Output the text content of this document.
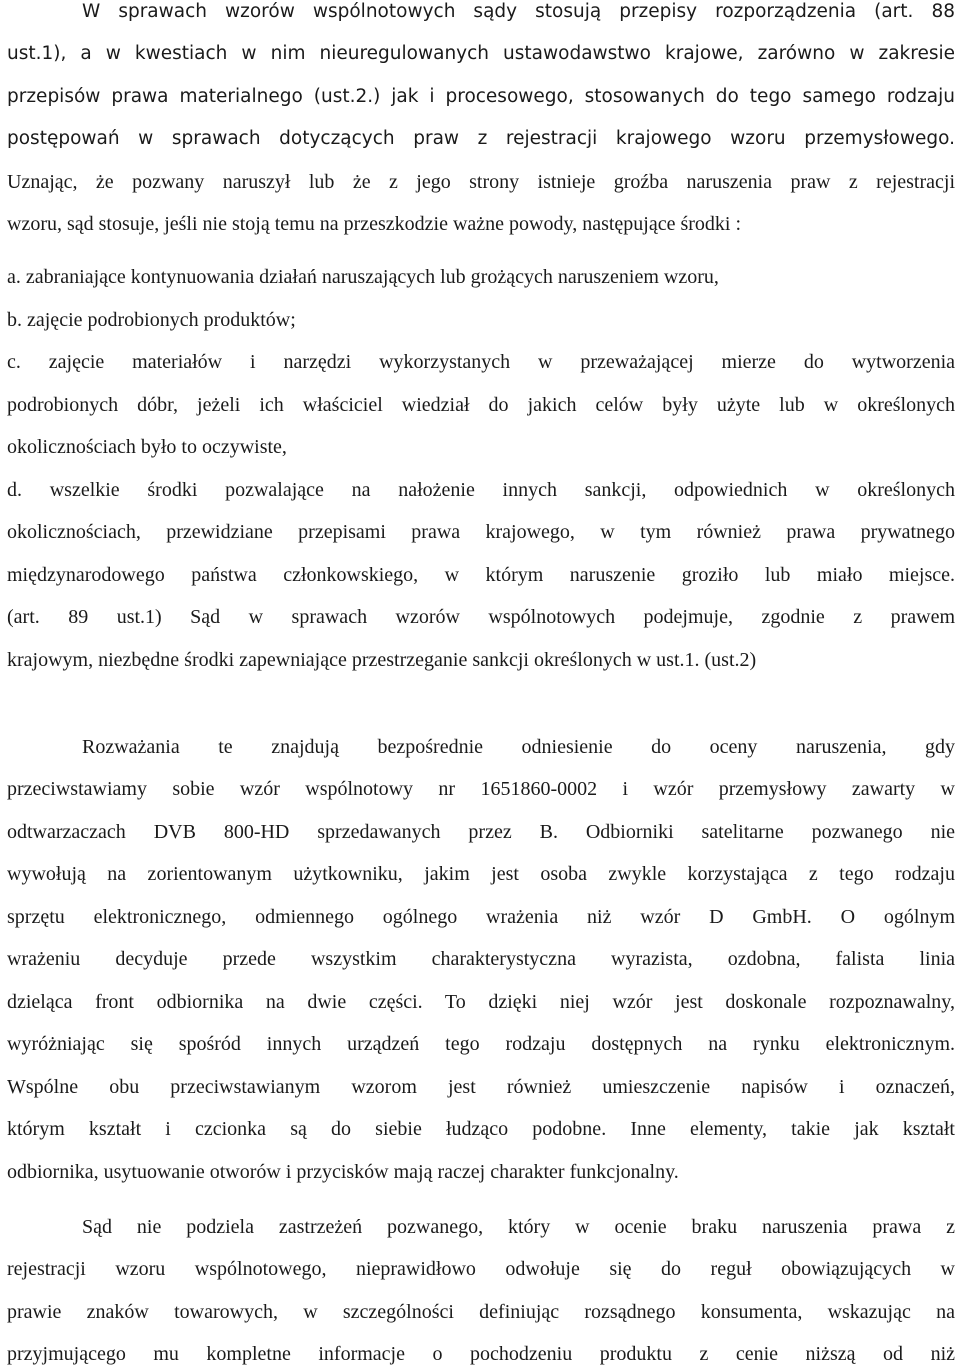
W sprawach wzorów wspólnotowych sądy stosują przepisy rozporządzenia (art. 88
ust.1), a w kwestiach w nim nieuregulowanych ustawodawstwo krajowe, zarówno w zakresie
przepisów prawa materialnego (ust.2.) jak i procesowego, stosowanych do tego samego rodzaju
postępowań w sprawach dotyczących praw z rejestracji krajowego wzoru przemysłowego.
Uznając, że pozwany naruszył lub że z jego strony istnieje groźba naruszenia praw z rejestracji
wzoru, sąd stosuje, jeśli nie stoją temu na przeszkodzie ważne powody, następujące środki :
a. zabraniające kontynuowania działań naruszających lub grożących naruszeniem wzoru,
b. zajęcie podrobionych produktów;
c. zajęcie materiałów i narzędzi wykorzystanych w przeważającej mierze do wytworzenia
podrobionych dóbr, jeżeli ich właściciel wiedział do jakich celów były użyte lub w określonych
okolicznościach było to oczywiste,
d. wszelkie środki pozwalające na nałożenie innych sankcji, odpowiednich w określonych
okolicznościach, przewidziane przepisami prawa krajowego, w tym również prawa prywatnego
międzynarodowego państwa członkowskiego, w którym naruszenie groziło lub miało miejsce.
(art. 89 ust.1) Sąd w sprawach wzorów wspólnotowych podejmuje, zgodnie z prawem
krajowym, niezbędne środki zapewniające przestrzeganie sankcji określonych w ust.1. (ust.2)
Rozważania te znajdują bezpośrednie odniesienie do oceny naruszenia, gdy
przeciwstawiamy sobie wzór wspólnotowy nr 1651860-0002 i wzór przemysłowy zawarty w
odtwarzaczach DVB 800-HD sprzedawanych przez B. Odbiorniki satelitarne pozwanego nie
wywołują na zorientowanym użytkowniku, jakim jest osoba zwykle korzystająca z tego rodzaju
sprzętu elektronicznego, odmiennego ogólnego wrażenia niż wzór D GmbH. O ogólnym
wrażeniu decyduje przede wszystkim charakterystyczna wyrazista, ozdobna, falista linia
dzieląca front odbiornika na dwie części. To dzięki niej wzór jest doskonale rozpoznawalny,
wyróżniając się spośród innych urządzeń tego rodzaju dostępnych na rynku elektronicznym.
Wspólne obu przeciwstawianym wzorom jest również umieszczenie napisów i oznaczeń,
którym kształt i czcionka są do siebie łudząco podobne. Inne elementy, takie jak kształt
odbiornika, usytuowanie otworów i przycisków mają raczej charakter funkcjonalny.
Sąd nie podziela zastrzeżeń pozwanego, który w ocenie braku naruszenia prawa z
rejestracji wzoru wspólnotowego, nieprawidłowo odwołuje się do reguł obowiązujących w
prawie znaków towarowych, w szczególności definiując rozsądnego konsumenta, wskazując na
przyjmującego mu kompletne informacje o pochodzeniu produktu z cenie niższą od niż
